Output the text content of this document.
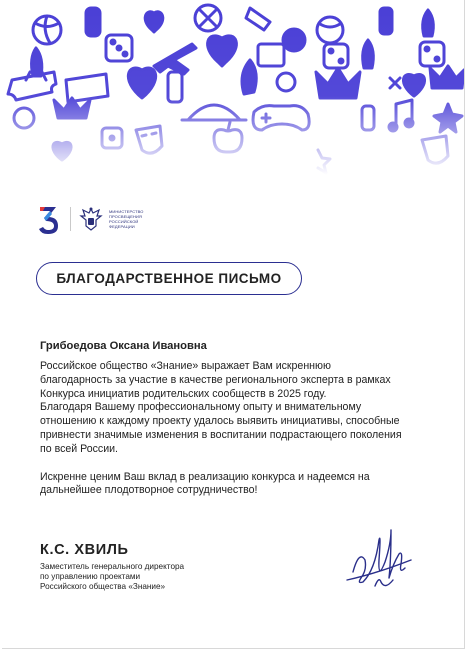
МИНИСТЕРСТВО
ПРОСВЕЩЕНИЯ
РОССИЙСКОЙ
ФЕДЕРАЦИИ
БЛАГОДАРСТВЕННОЕ ПИСЬМО
Грибоедова Оксана Ивановна

Российское общество «Знание» выражает Вам искреннюю
благодарность за участие в качестве регионального эксперта в рамках
Конкурса инициатив родительских сообществ в 2025 году.
Благодаря Вашему профессиональному опыту и внимательному
отношению к каждому проекту удалось выявить инициативы, способные
привнести значимые изменения в воспитании подрастающего поколения
по всей России.

Искренне ценим Ваш вклад в реализацию конкурса и надеемся на
дальнейшее плодотворное сотрудничество!

К.С. ХВИЛЬ
Заместитель генерального директора
по управлению проектами
Российского общества «Знание»
